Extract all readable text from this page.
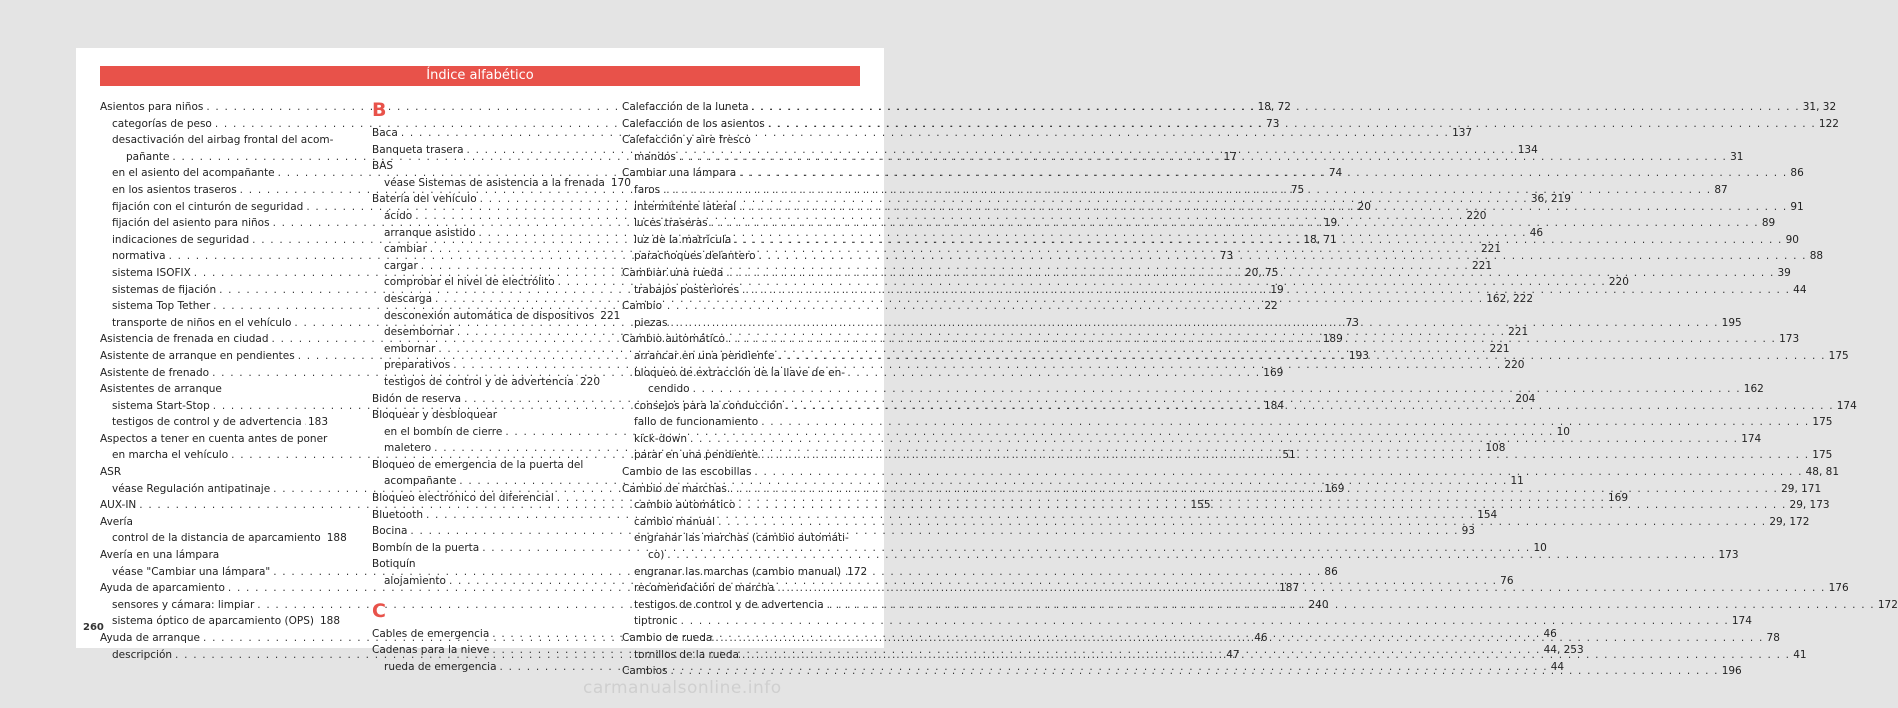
Índice alfabético
Asientos para niños . . .	18, 72
categorías de peso . . .	73
desactivación del airbag frontal del acom-
pañante . . .	17
en el asiento del acompañante . . .	74
en los asientos traseros . . .	75
fijación con el cinturón de seguridad . . .	20
fijación del asiento para niños . . .	19
indicaciones de seguridad . . .	18, 71
normativa . . .	73
sistema ISOFIX . . .	20, 75
sistemas de fijación . . .	19
sistema Top Tether . . .	22
transporte de niños en el vehículo . . .	73
Asistencia de frenada en ciudad . . .	189
Asistente de arranque en pendientes . . .	193
Asistente de frenado . . .	169
Asistentes de arranque
sistema Start-Stop . . .	184
testigos de control y de advertencia . . . 183
Aspectos a tener en cuenta antes de poner
en marcha el vehículo . . .	51
ASR
véase Regulación antipatinaje . . .	169
AUX-IN . . .	155
Avería
control de la distancia de aparcamiento 188
Avería en una lámpara
véase "Cambiar una lámpara" . . .	86
Ayuda de aparcamiento . . .	187
sensores y cámara: limpiar . . .	240
sistema óptico de aparcamiento (OPS) 188
Ayuda de arranque . . .	46
descripción . . .	47
B
Baca . . .	137
Banqueta trasera . . .	134
BAS
véase Sistemas de asistencia a la frenada 170
Batería del vehículo . . .	36, 219
ácido . . .	220
arranque asistido . . .	46
cambiar . . .	221
cargar . . .	221
comprobar el nivel de electrólito . . .	220
descarga . . .	162, 222
desconexión automática de dispositivos 221
desembornar . . .	221
embornar . . .	221
preparativos . . .	220
testigos de control y de advertencia . . . 220
Bidón de reserva . . .	204
Bloquear y desbloquear
en el bombín de cierre . . .	10
maletero . . .	108
Bloqueo de emergencia de la puerta del
acompañante . . .	11
Bloqueo electrónico del diferencial . . .	169
Bluetooth . . .	154
Bocina . . .	93
Bombín de la puerta . . .	10
Botiquín
alojamiento . . .	76
C
Cables de emergencia . . .	46
Cadenas para la nieve . . .	44, 253
rueda de emergencia . . .	44
Calefacción de la luneta . . .	31, 32
Calefacción de los asientos . . .	122
Calefacción y aire fresco
mandos . . .	31
Cambiar una lámpara . . .	86
faros . . .	87
intermitente lateral . . .	91
luces traseras . . .	89
luz de la matrícula . . .	90
parachoques delantero . . .	88
Cambiar una rueda . . .	39
trabajos posteriores . . .	44
Cambio
piezas . . .	195
Cambio automático . . .	173
arrancar en una pendiente . . .	175
bloqueo de extracción de la llave de en-
cendido . . .	162
consejos para la conducción . . .	174
fallo de funcionamiento . . .	175
kick-down . . .	174
parar en una pendiente . . .	175
Cambio de las escobillas . . .	48, 81
Cambio de marchas . . .	29, 171
cambio automático . . .	29, 173
cambio manual . . .	29, 172
engranar las marchas (cambio automáti-
co) . . .	173
engranar las marchas (cambio manual) 172
recomendación de marcha . . .	176
testigos de control y de advertencia . . .	172
tiptronic . . .	174
Cambio de rueda . . .	78
tornillos de la rueda . . .	41
Cambios . . .	196
260
carmanualsonline.info
